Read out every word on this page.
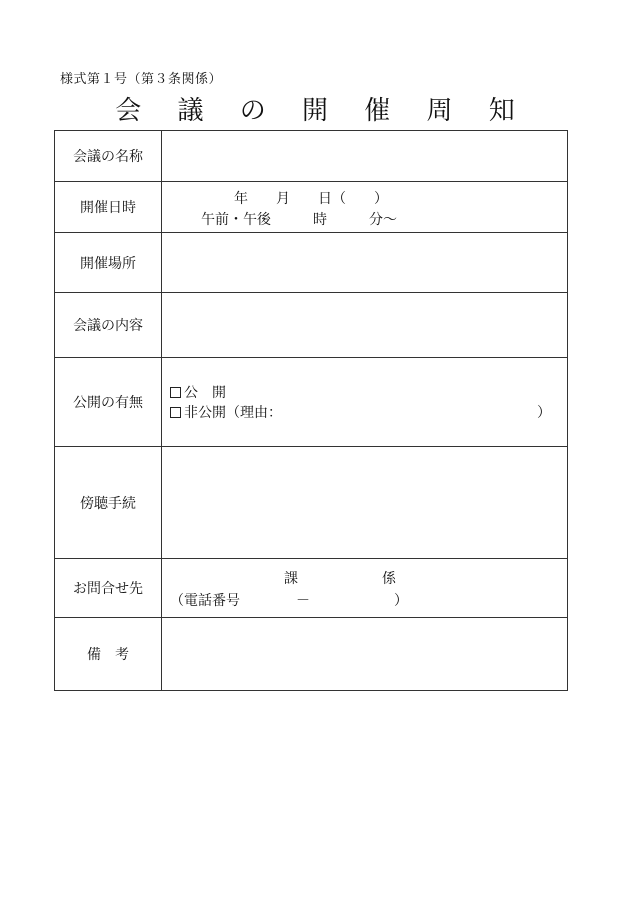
様式第１号（第３条関係）
会 議 の 開 催 周 知
会議の名称	
開催日時	年　　月　　日（　　）
午前・午後　　　時　　　分～

開催場所	
会議の内容	
公開の有無	公　開
非公開（理由： ）

傍聴手続	
お問合せ先	課　　　　　　係
（電話番号　　　　－　　　　　　）

備　考	
